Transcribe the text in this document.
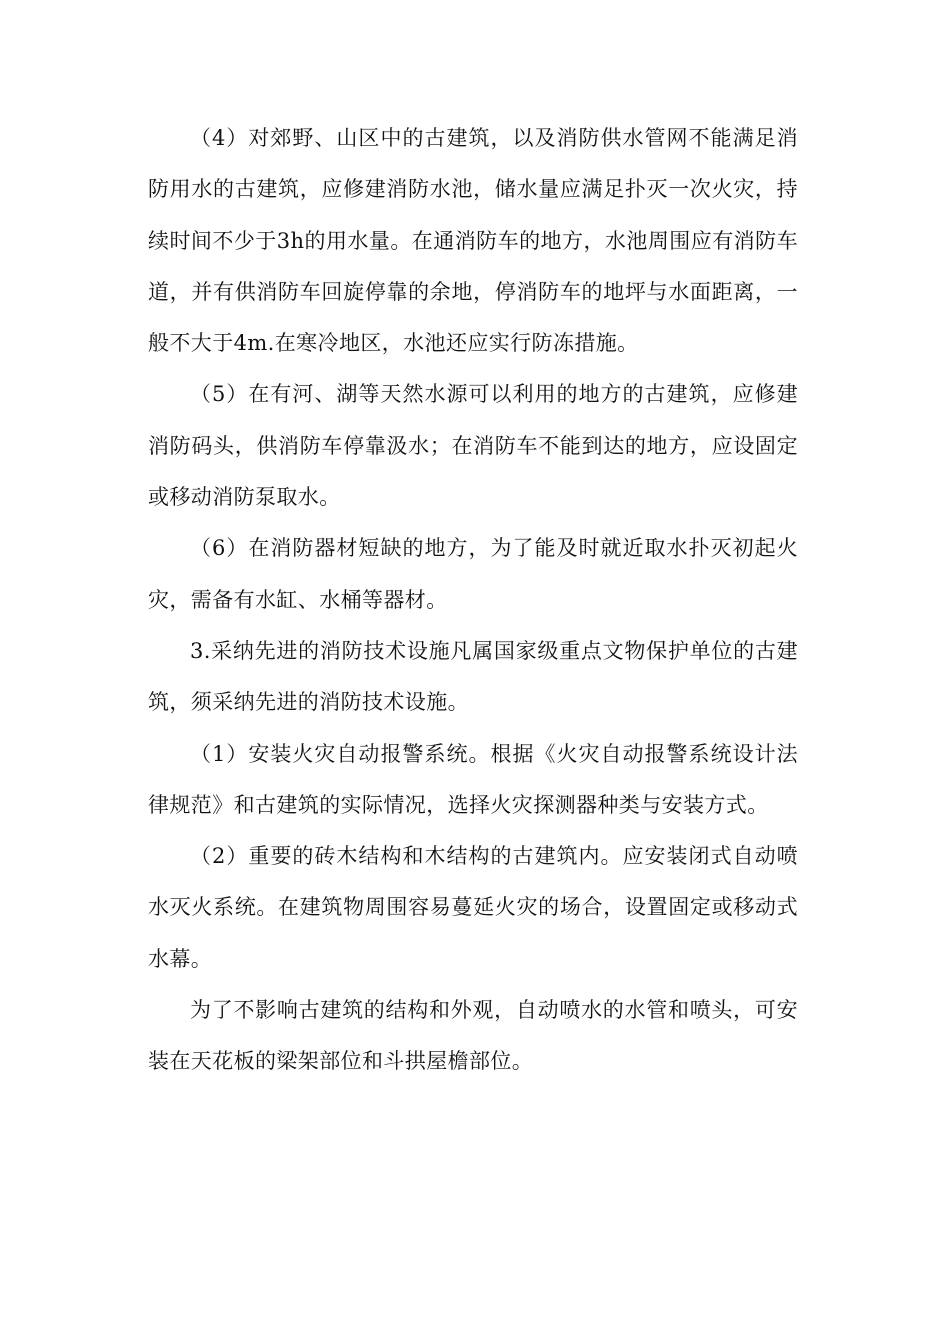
（4）对郊野、山区中的古建筑，以及消防供水管网不能满足消防用水的古建筑，应修建消防水池，储水量应满足扑灭一次火灾，持续时间不少于3h的用水量。在通消防车的地方，水池周围应有消防车道，并有供消防车回旋停靠的余地，停消防车的地坪与水面距离，一般不大于4m.在寒冷地区，水池还应实行防冻措施。

（5）在有河、湖等天然水源可以利用的地方的古建筑，应修建消防码头，供消防车停靠汲水；在消防车不能到达的地方，应设固定或移动消防泵取水。

（6）在消防器材短缺的地方，为了能及时就近取水扑灭初起火灾，需备有水缸、水桶等器材。

3.采纳先进的消防技术设施凡属国家级重点文物保护单位的古建筑，须采纳先进的消防技术设施。

（1）安装火灾自动报警系统。根据《火灾自动报警系统设计法律规范》和古建筑的实际情况，选择火灾探测器种类与安装方式。

（2）重要的砖木结构和木结构的古建筑内。应安装闭式自动喷水灭火系统。在建筑物周围容易蔓延火灾的场合，设置固定或移动式水幕。

为了不影响古建筑的结构和外观，自动喷水的水管和喷头，可安装在天花板的梁架部位和斗拱屋檐部位。
